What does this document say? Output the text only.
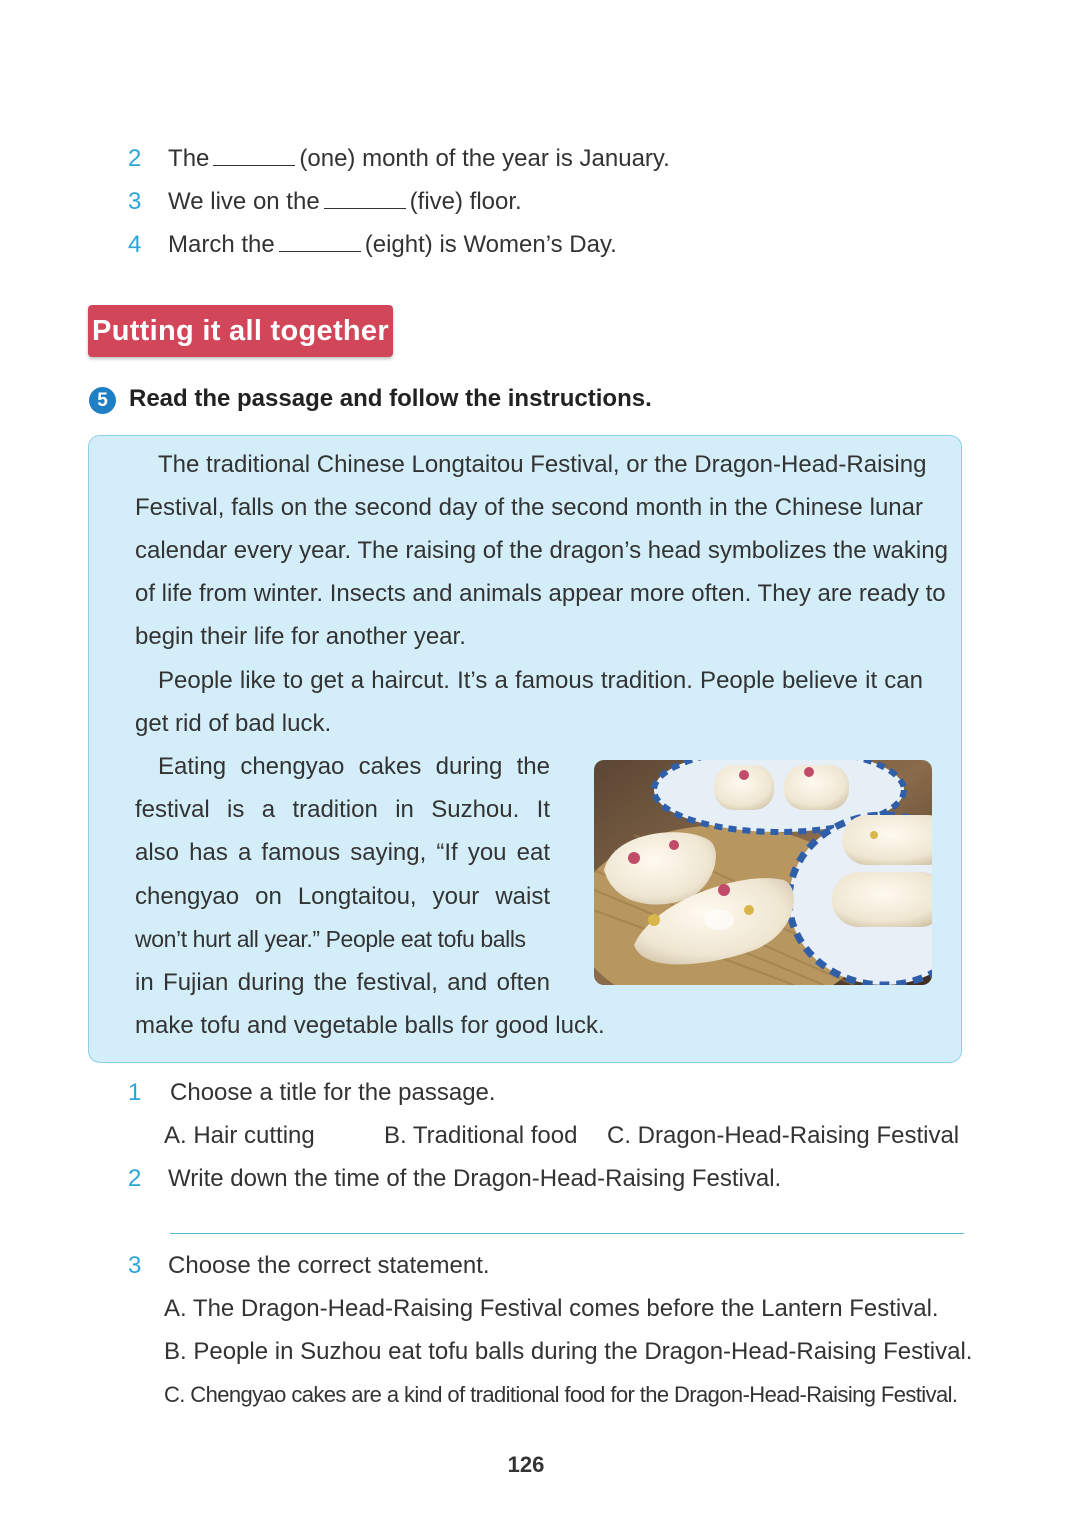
2 The	(one) month of the year is January.
3 We live on the	(five) floor.
4 March the	(eight) is Women’s Day.
Putting it all together
5 Read the passage and follow the instructions.
The traditional Chinese Longtaitou Festival, or the Dragon-Head-Raising
Festival, falls on the second day of the second month in the Chinese lunar
calendar every year. The raising of the dragon’s head symbolizes the waking
of life from winter. Insects and animals appear more often. They are ready to
begin their life for another year.
People like to get a haircut. It’s a famous tradition. People believe it can
get rid of bad luck.
Eating chengyao cakes during the
festival is a tradition in Suzhou. It
also has a famous saying, “If you eat
chengyao on Longtaitou, your waist
won’t hurt all year.” People eat tofu balls
in Fujian during the festival, and often
make tofu and vegetable balls for good luck.
1 Choose a title for the passage.
A. Hair cutting	B. Traditional food C. Dragon-Head-Raising Festival
2 Write down the time of the Dragon-Head-Raising Festival.
3 Choose the correct statement.
A. The Dragon-Head-Raising Festival comes before the Lantern Festival.
B. People in Suzhou eat tofu balls during the Dragon-Head-Raising Festival.
C. Chengyao cakes are a kind of traditional food for the Dragon-Head-Raising Festival.
126
